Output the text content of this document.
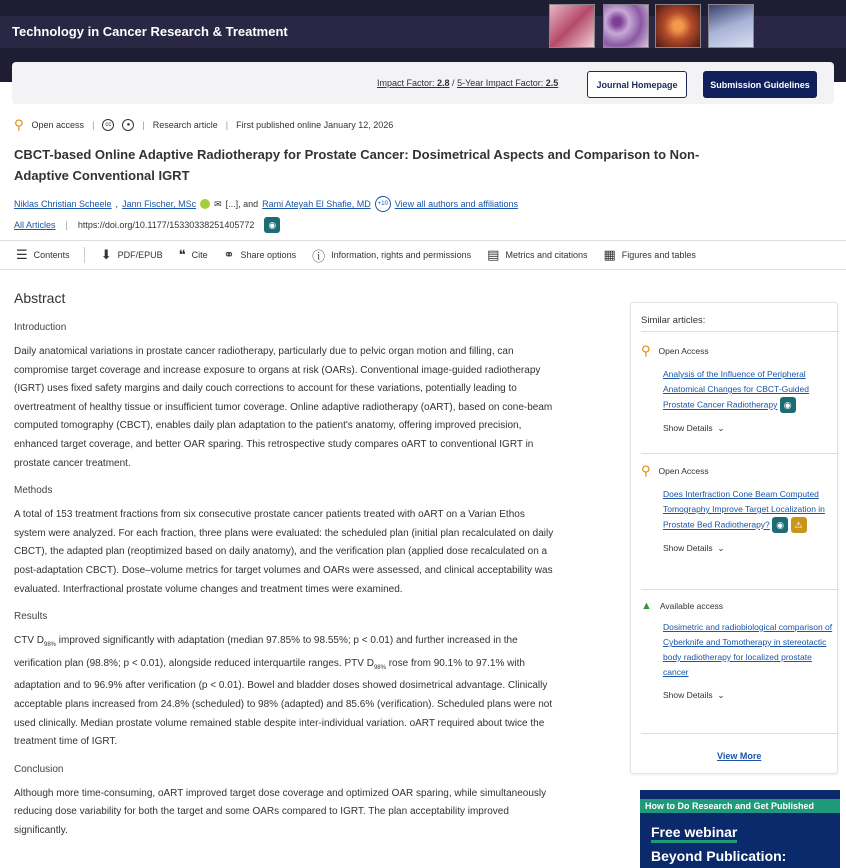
Technology in Cancer Research & Treatment
Impact Factor: 2.8 / 5-Year Impact Factor: 2.5	Journal Homepage	Submission Guidelines
⚲ Open access |	cc	●	| Research article | First published online January 12, 2026
CBCT-based Online Adaptive Radiotherapy for Prostate Cancer: Dosimetrical Aspects and Comparison to Non-Adaptive Conventional IGRT
Niklas Christian Scheele , Jann Fischer, MSc ✉ [...], and Rami Ateyah El Shafie, MD	+10 View all authors and affiliations
All Articles | https://doi.org/10.1177/15330338251405772	◉
☰ Contents ⬇ PDF/EPUB ❝ Cite ⚭ Share options ⓘ Information, rights and permissions ▤ Metrics and citations ▦ Figures and tables
Abstract
Introduction
Daily anatomical variations in prostate cancer radiotherapy, particularly due to pelvic organ motion and filling, can compromise target coverage and increase exposure to organs at risk (OARs). Conventional image-guided radiotherapy (IGRT) uses fixed safety margins and daily couch corrections to account for these variations, potentially leading to overtreatment of healthy tissue or insufficient tumor coverage. Online adaptive radiotherapy (oART), based on cone-beam computed tomography (CBCT), enables daily plan adaptation to the patient's anatomy, offering improved precision, enhanced target coverage, and better OAR sparing. This retrospective study compares oART to conventional IGRT in prostate cancer treatment.
Methods
A total of 153 treatment fractions from six consecutive prostate cancer patients treated with oART on a Varian Ethos system were analyzed. For each fraction, three plans were evaluated: the scheduled plan (initial plan recalculated on daily CBCT), the adapted plan (reoptimized based on daily anatomy), and the verification plan (applied dose recalculated on a post-adaptation CBCT). Dose–volume metrics for target volumes and OARs were assessed, and clinical acceptability was evaluated. Interfractional prostate volume changes and treatment times were examined.
Results
CTV $D_{98\%}$ improved significantly with adaptation (median 97.85% to 98.55%; p < 0.01) and further increased in the verification plan (98.8%; p < 0.01), alongside reduced interquartile ranges. PTV $D_{98\%}$ rose from 90.1% to 97.1% with adaptation and to 96.9% after verification (p < 0.01). Bowel and bladder doses showed dosimetrical advantage. Clinically acceptable plans increased from 24.8% (scheduled) to 98% (adapted) and 85.6% (verification). Scheduled plans were not used clinically. Median prostate volume remained stable despite inter-individual variation. oART required about twice the treatment time of IGRT.
Conclusion
Although more time-consuming, oART improved target dose coverage and optimized OAR sparing, while simultaneously reducing dose variability for both the target and some OARs compared to IGRT. The plan acceptability improved significantly.
Similar articles:
⚲ Open Access
Analysis of the Influence of Peripheral Anatomical Changes for CBCT-Guided Prostate Cancer Radiotherapy ◉
Show Details ⌄
⚲ Open Access
Does Interfraction Cone Beam Computed Tomography Improve Target Localization in Prostate Bed Radiotherapy? ◉ ⚠
Show Details ⌄
▲ Available access
Dosimetric and radiobiological comparison of Cyberknife and Tomotherapy in stereotactic body radiotherapy for localized prostate cancer
Show Details ⌄
View More
How to Do Research and Get Published
Free webinar
Beyond Publication:
